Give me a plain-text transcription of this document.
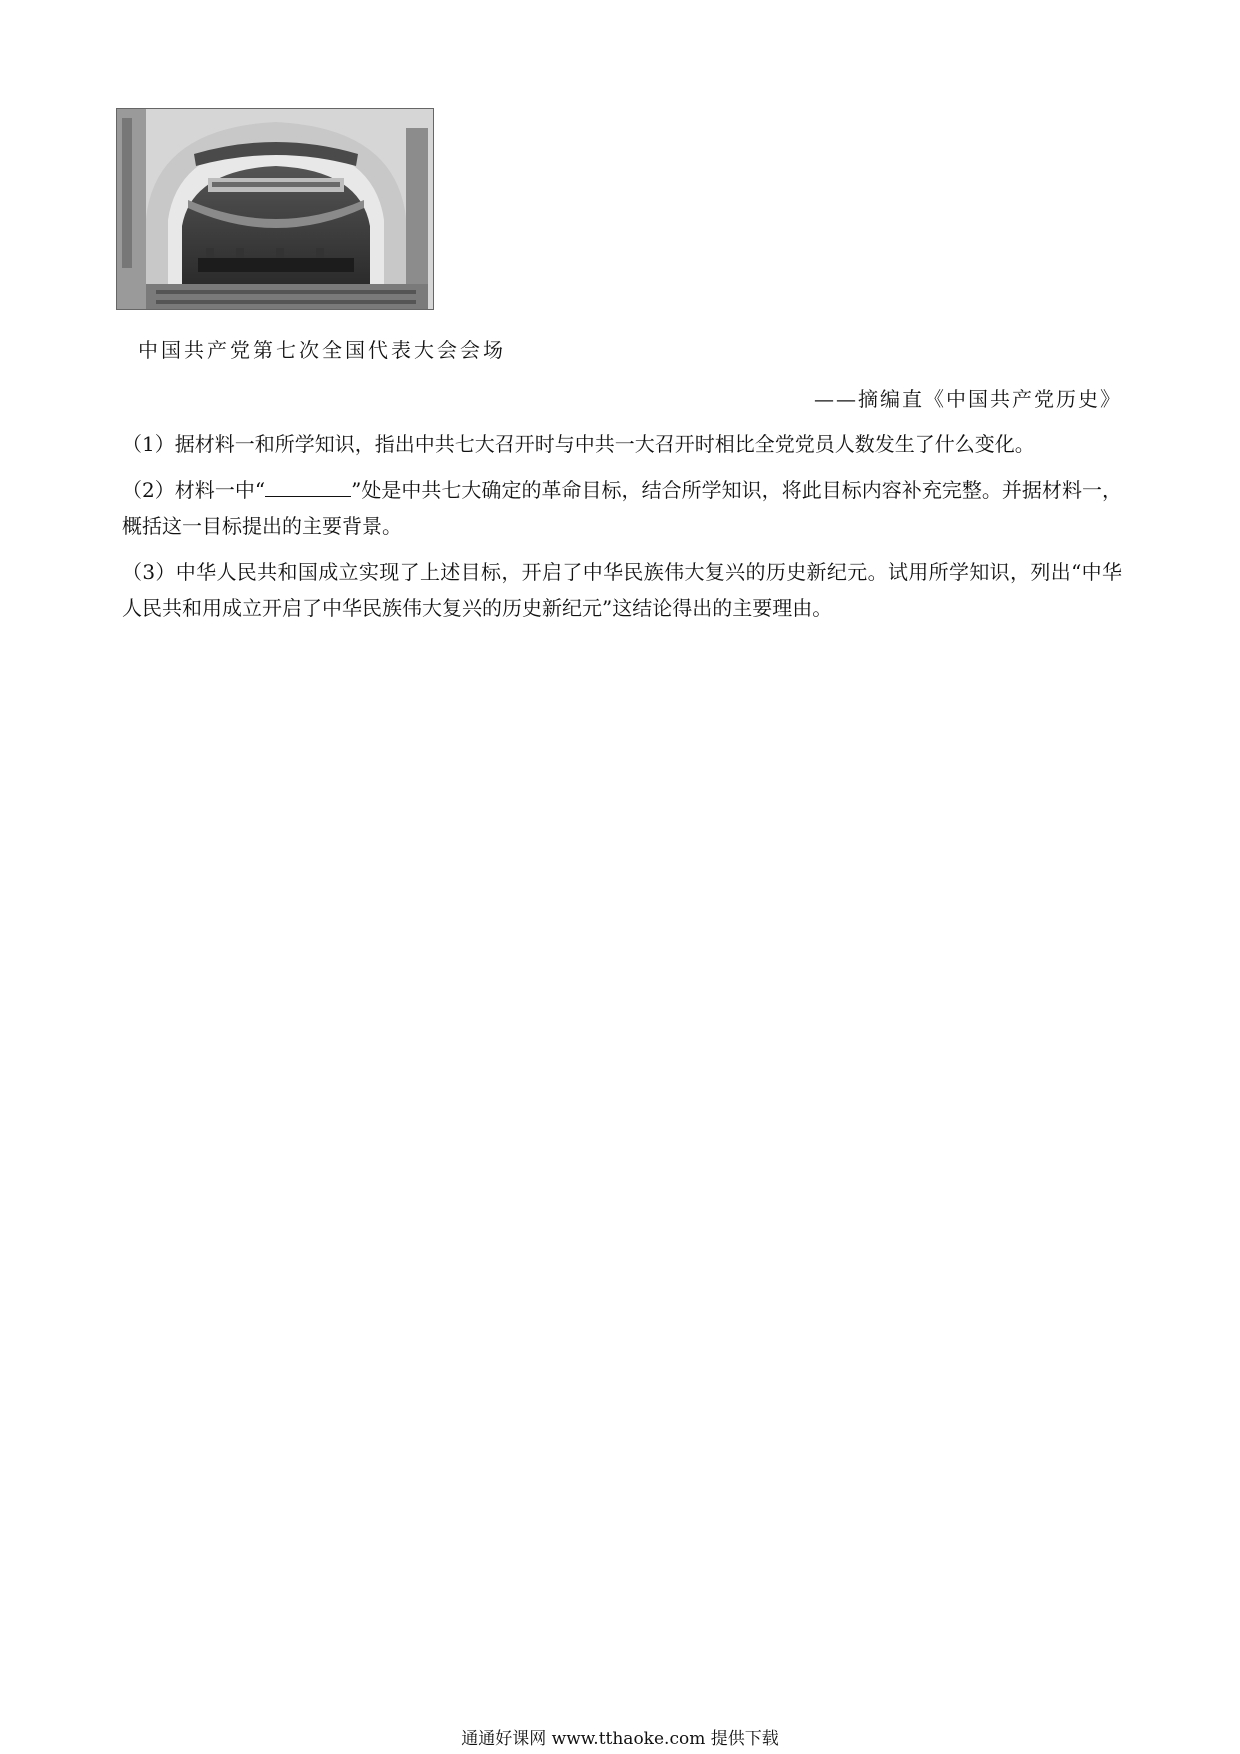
中国共产党第七次全国代表大会会场
——摘编直《中国共产党历史》

（1）据材料一和所学知识，指出中共七大召开时与中共一大召开时相比全党党员人数发生了什么变化。

（2）材料一中“	”处是中共七大确定的革命目标，结合所学知识，将此目标内容补充完整。并据材料一，概括这一目标提出的主要背景。

（3）中华人民共和国成立实现了上述目标，开启了中华民族伟大复兴的历史新纪元。试用所学知识，列出“中华人民共和用成立开启了中华民族伟大复兴的历史新纪元”这结论得出的主要理由。

通通好课网 www.tthaoke.com 提供下载
